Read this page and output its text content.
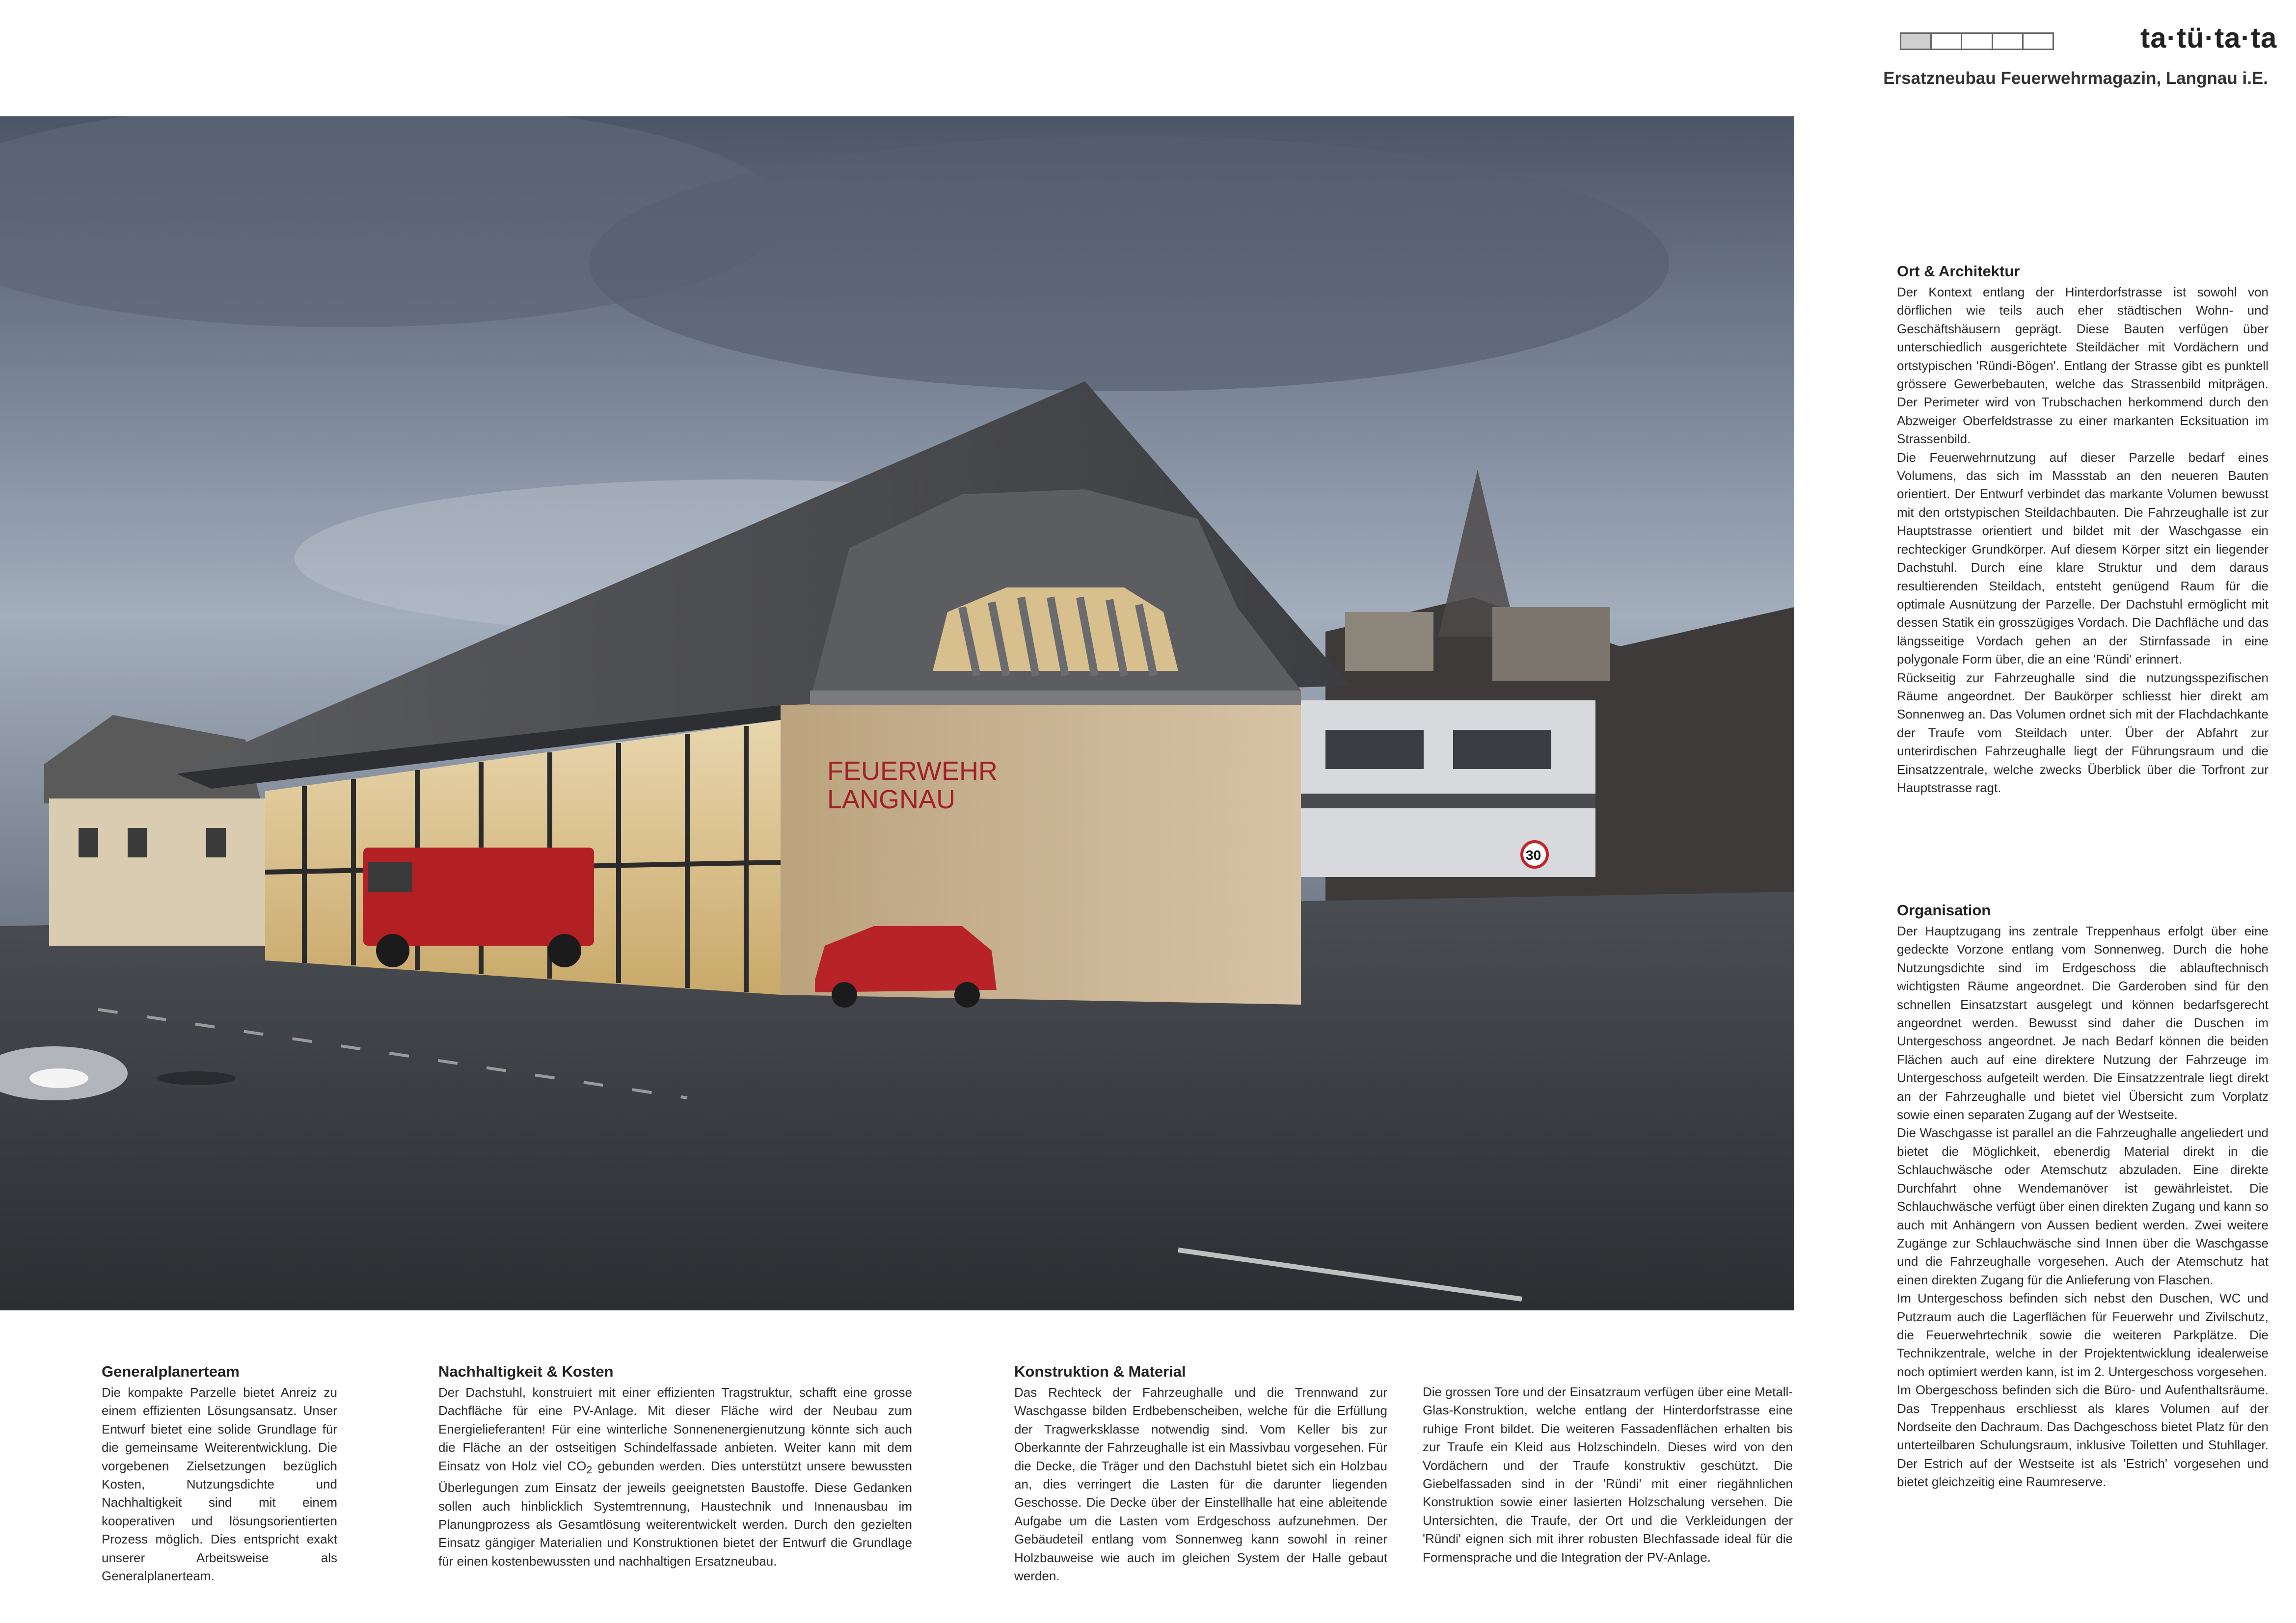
ta·tü·ta·ta
Ersatzneubau Feuerwehrmagazin, Langnau i.E.
FEUERWEHR
LANGNAU
30
Generalplanerteam

Die kompakte Parzelle bietet Anreiz zu einem effizienten Lösungsansatz. Unser Entwurf bietet eine solide Grundlage für die gemeinsame Weiterentwicklung. Die vorgebenen Zielsetzungen bezüglich Kosten, Nutzungsdichte und Nachhaltigkeit sind mit einem kooperativen und lösungsorientierten Prozess möglich. Dies entspricht exakt unserer Arbeitsweise als Generalplanerteam.

Nachhaltigkeit & Kosten

Der Dachstuhl, konstruiert mit einer effizienten Tragstruktur, schafft eine grosse Dachfläche für eine PV-Anlage. Mit dieser Fläche wird der Neubau zum Energielieferanten! Für eine winterliche Sonnenenergienutzung könnte sich auch die Fläche an der ostseitigen Schindelfassade anbieten. Weiter kann mit dem Einsatz von Holz viel $CO_2$ gebunden werden. Dies unterstützt unsere bewussten Überlegungen zum Einsatz der jeweils geeignetsten Baustoffe. Diese Gedanken sollen auch hinblicklich Systemtrennung, Haustechnik und Innenausbau im Planungprozess als Gesamtlösung weiterentwickelt werden. Durch den gezielten Einsatz gängiger Materialien und Konstruktionen bietet der Entwurf die Grundlage für einen kostenbewussten und nachhaltigen Ersatzneubau.

Konstruktion & Material

Das Rechteck der Fahrzeughalle und die Trennwand zur Waschgasse bilden Erdbebenscheiben, welche für die Erfüllung der Tragwerksklasse notwendig sind. Vom Keller bis zur Oberkannte der Fahrzeughalle ist ein Massivbau vorgesehen. Für die Decke, die Träger und den Dachstuhl bietet sich ein Holzbau an, dies verringert die Lasten für die darunter liegenden Geschosse. Die Decke über der Einstellhalle hat eine ableitende Aufgabe um die Lasten vom Erdgeschoss aufzunehmen. Der Gebäudeteil entlang vom Sonnenweg kann sowohl in reiner Holzbauweise wie auch im gleichen System der Halle gebaut werden.

Die grossen Tore und der Einsatzraum verfügen über eine Metall-Glas-Konstruktion, welche entlang der Hinterdorfstrasse eine ruhige Front bildet. Die weiteren Fassadenflächen erhalten bis zur Traufe ein Kleid aus Holzschindeln. Dieses wird von den Vordächern und der Traufe konstruktiv geschützt. Die Giebelfassaden sind in der 'Ründi' mit einer riegähnlichen Konstruktion sowie einer lasierten Holzschalung versehen. Die Untersichten, die Traufe, der Ort und die Verkleidungen der 'Ründi' eignen sich mit ihrer robusten Blechfassade ideal für die Formensprache und die Integration der PV-Anlage.

Ort & Architektur

Der Kontext entlang der Hinterdorfstrasse ist sowohl von dörflichen wie teils auch eher städtischen Wohn- und Geschäftshäusern geprägt. Diese Bauten verfügen über unterschiedlich ausgerichtete Steildächer mit Vordächern und ortstypischen 'Ründi-Bögen'. Entlang der Strasse gibt es punktell grössere Gewerbebauten, welche das Strassenbild mitprägen. Der Perimeter wird von Trubschachen herkommend durch den Abzweiger Oberfeldstrasse zu einer markanten Ecksituation im Strassenbild.

Die Feuerwehrnutzung auf dieser Parzelle bedarf eines Volumens, das sich im Massstab an den neueren Bauten orientiert. Der Entwurf verbindet das markante Volumen bewusst mit den ortstypischen Steildachbauten. Die Fahrzeughalle ist zur Hauptstrasse orientiert und bildet mit der Waschgasse ein rechteckiger Grundkörper. Auf diesem Körper sitzt ein liegender Dachstuhl. Durch eine klare Struktur und dem daraus resultierenden Steildach, entsteht genügend Raum für die optimale Ausnützung der Parzelle. Der Dachstuhl ermöglicht mit dessen Statik ein grosszügiges Vordach. Die Dachfläche und das längsseitige Vordach gehen an der Stirnfassade in eine polygonale Form über, die an eine 'Ründi' erinnert.

Rückseitig zur Fahrzeughalle sind die nutzungsspezifischen Räume angeordnet. Der Baukörper schliesst hier direkt am Sonnenweg an. Das Volumen ordnet sich mit der Flachdachkante der Traufe vom Steildach unter. Über der Abfahrt zur unterirdischen Fahrzeughalle liegt der Führungsraum und die Einsatzzentrale, welche zwecks Überblick über die Torfront zur Hauptstrasse ragt.

Organisation

Der Hauptzugang ins zentrale Treppenhaus erfolgt über eine gedeckte Vorzone entlang vom Sonnenweg. Durch die hohe Nutzungsdichte sind im Erdgeschoss die ablauftechnisch wichtigsten Räume angeordnet. Die Garderoben sind für den schnellen Einsatzstart ausgelegt und können bedarfsgerecht angeordnet werden. Bewusst sind daher die Duschen im Untergeschoss angeordnet. Je nach Bedarf können die beiden Flächen auch auf eine direktere Nutzung der Fahrzeuge im Untergeschoss aufgeteilt werden. Die Einsatzzentrale liegt direkt an der Fahrzeughalle und bietet viel Übersicht zum Vorplatz sowie einen separaten Zugang auf der Westseite.

Die Waschgasse ist parallel an die Fahrzeughalle angeliedert und bietet die Möglichkeit, ebenerdig Material direkt in die Schlauchwäsche oder Atemschutz abzuladen. Eine direkte Durchfahrt ohne Wendemanöver ist gewährleistet. Die Schlauchwäsche verfügt über einen direkten Zugang und kann so auch mit Anhängern von Aussen bedient werden. Zwei weitere Zugänge zur Schlauchwäsche sind Innen über die Waschgasse und die Fahrzeughalle vorgesehen. Auch der Atemschutz hat einen direkten Zugang für die Anlieferung von Flaschen.

Im Untergeschoss befinden sich nebst den Duschen, WC und Putzraum auch die Lagerflächen für Feuerwehr und Zivilschutz, die Feuerwehrtechnik sowie die weiteren Parkplätze. Die Technikzentrale, welche in der Projektentwicklung idealerweise noch optimiert werden kann, ist im 2. Untergeschoss vorgesehen.

Im Obergeschoss befinden sich die Büro- und Aufenthaltsräume. Das Treppenhaus erschliesst als klares Volumen auf der Nordseite den Dachraum. Das Dachgeschoss bietet Platz für den unterteilbaren Schulungsraum, inklusive Toiletten und Stuhllager. Der Estrich auf der Westseite ist als 'Estrich' vorgesehen und bietet gleichzeitig eine Raumreserve.
